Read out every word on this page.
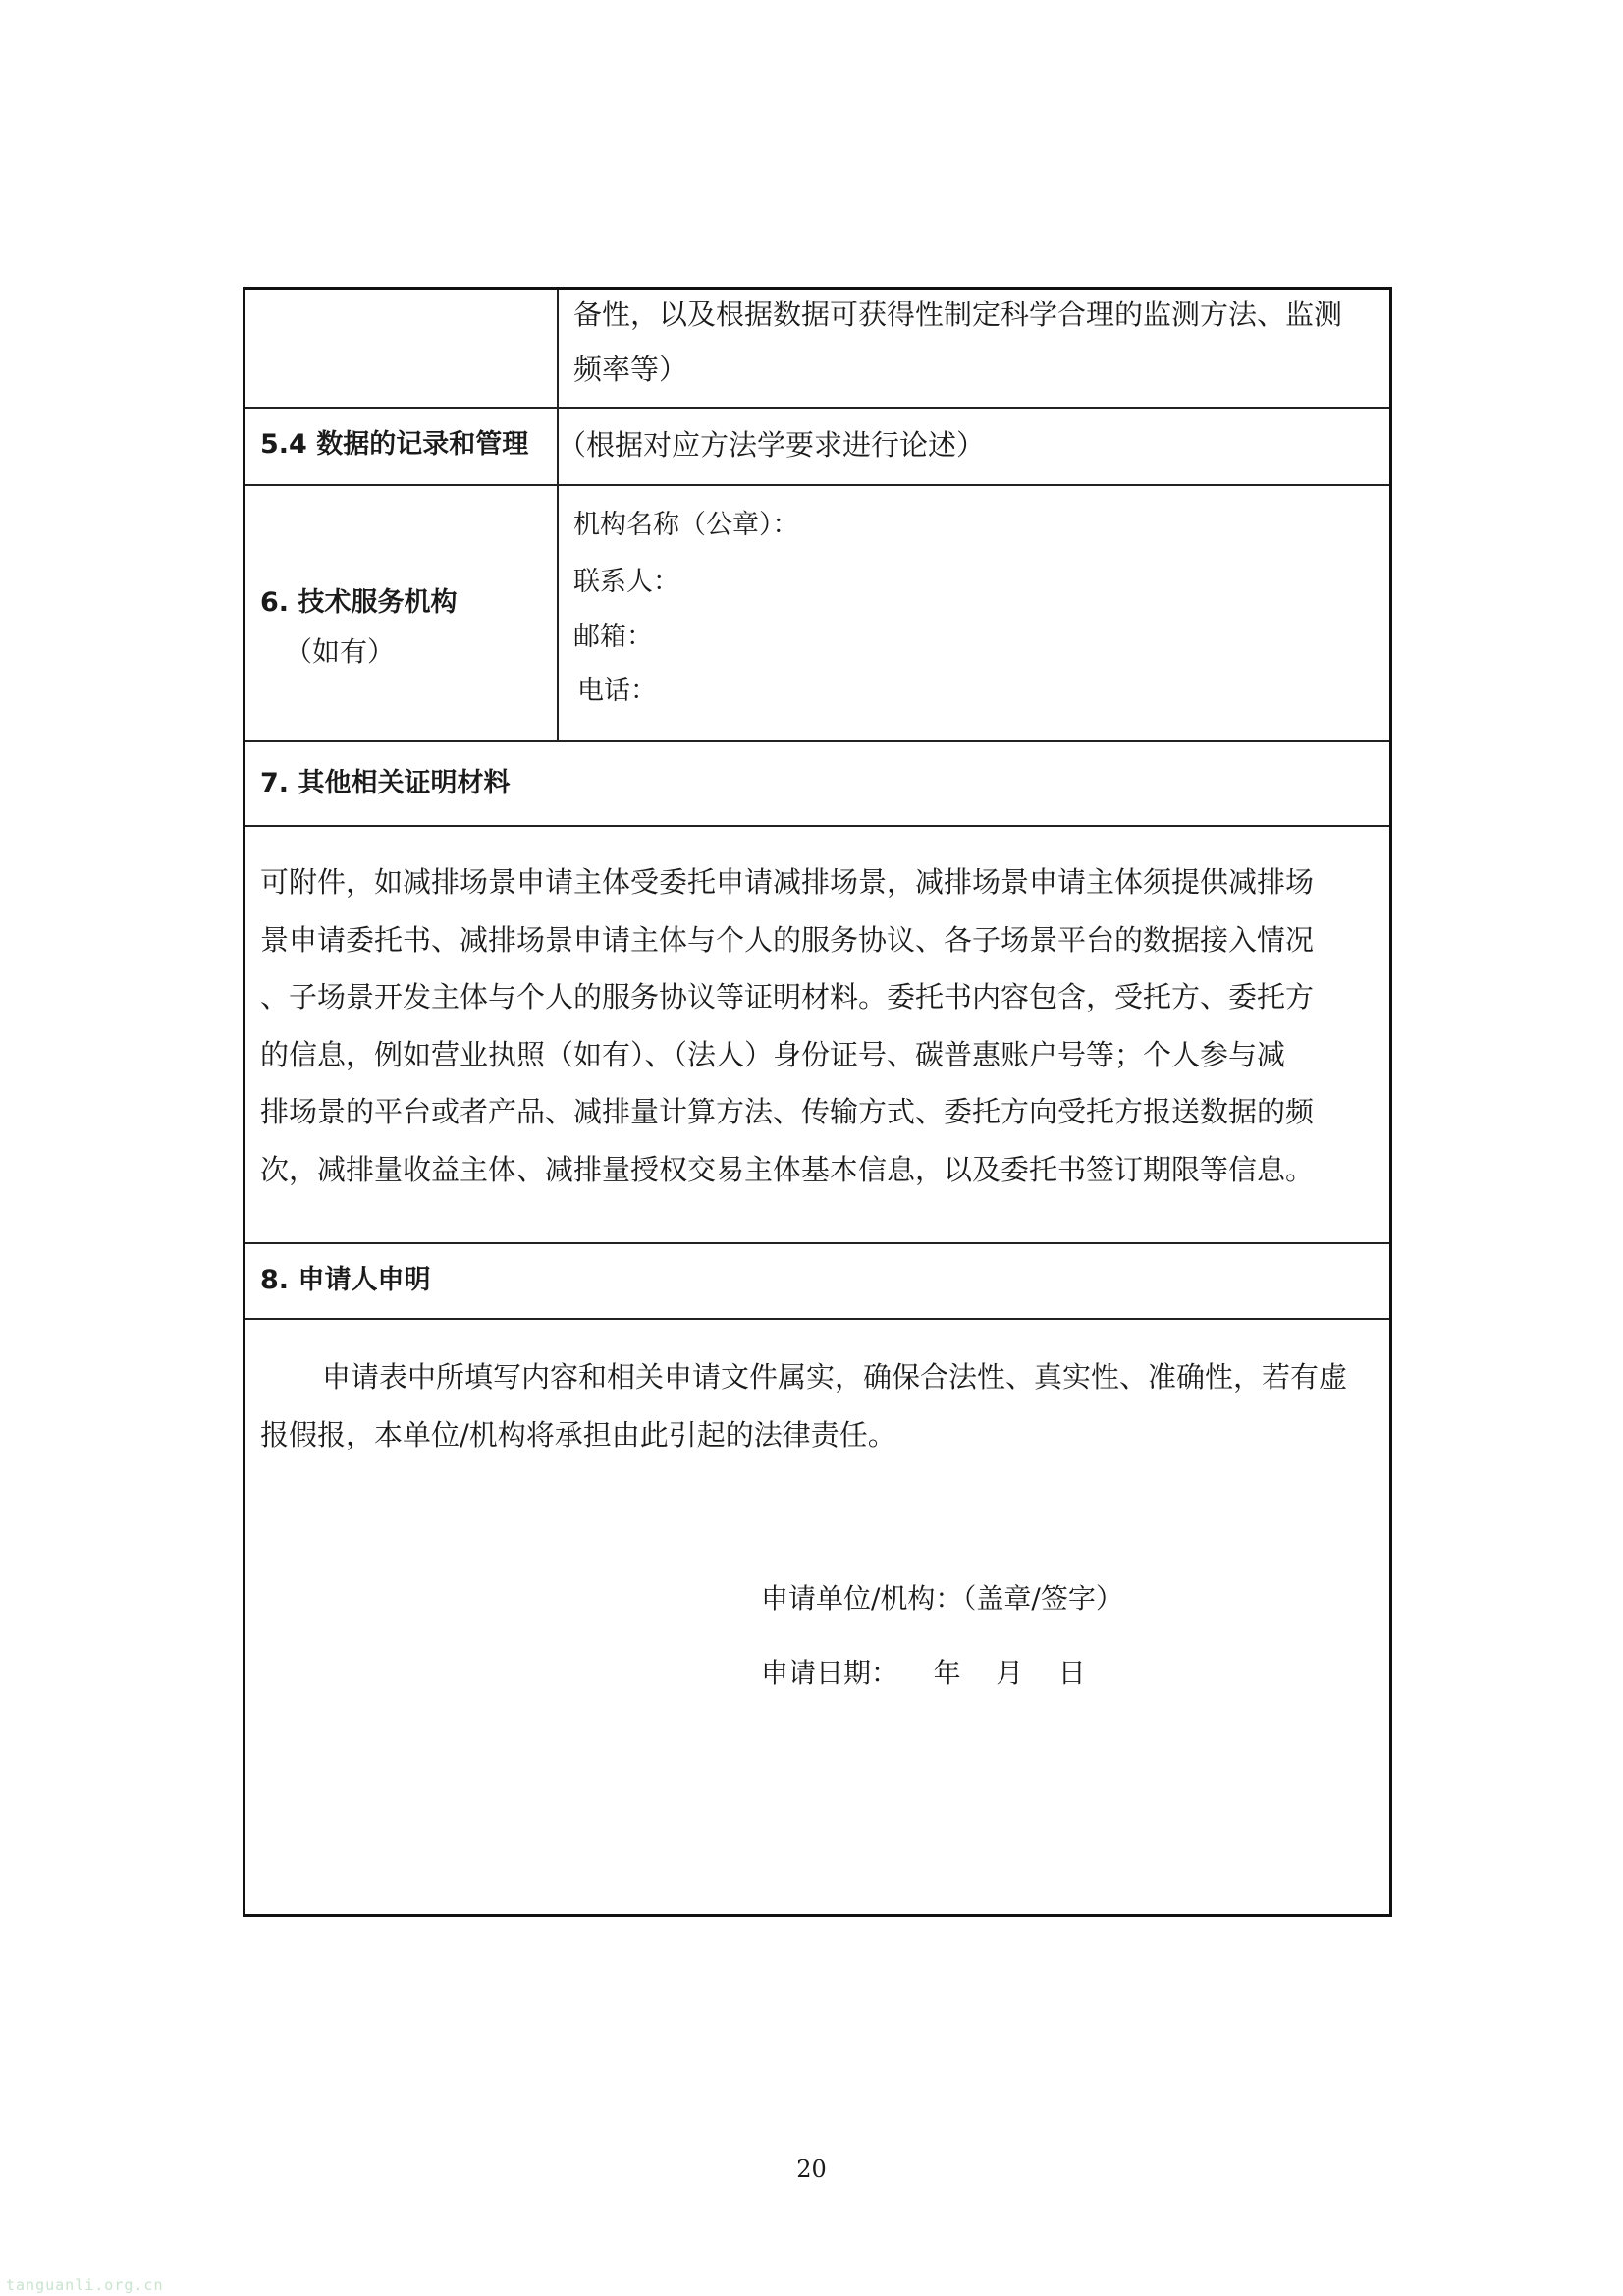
备性，以及根据数据可获得性制定科学合理的监测方法、监测
频率等）
5.4 数据的记录和管理 （根据对应方法学要求进行论述）
6. 技术服务机构
（如有）
机构名称（公章）：
联系人：
邮箱：
电话：
7. 其他相关证明材料
可附件，如减排场景申请主体受委托申请减排场景，减排场景申请主体须提供减排场
景申请委托书、减排场景申请主体与个人的服务协议、各子场景平台的数据接入情况
、子场景开发主体与个人的服务协议等证明材料。委托书内容包含，受托方、委托方
的信息，例如营业执照（如有）、（法人）身份证号、碳普惠账户号等；个人参与减
排场景的平台或者产品、减排量计算方法、传输方式、委托方向受托方报送数据的频
次，减排量收益主体、减排量授权交易主体基本信息，以及委托书签订期限等信息。
8. 申请人申明
申请表中所填写内容和相关申请文件属实，确保合法性、真实性、准确性，若有虚
报假报，本单位/机构将承担由此引起的法律责任。
申请单位/机构：（盖章/签字）
申请日期：    年    月    日
20
tanguanli.org.cn
